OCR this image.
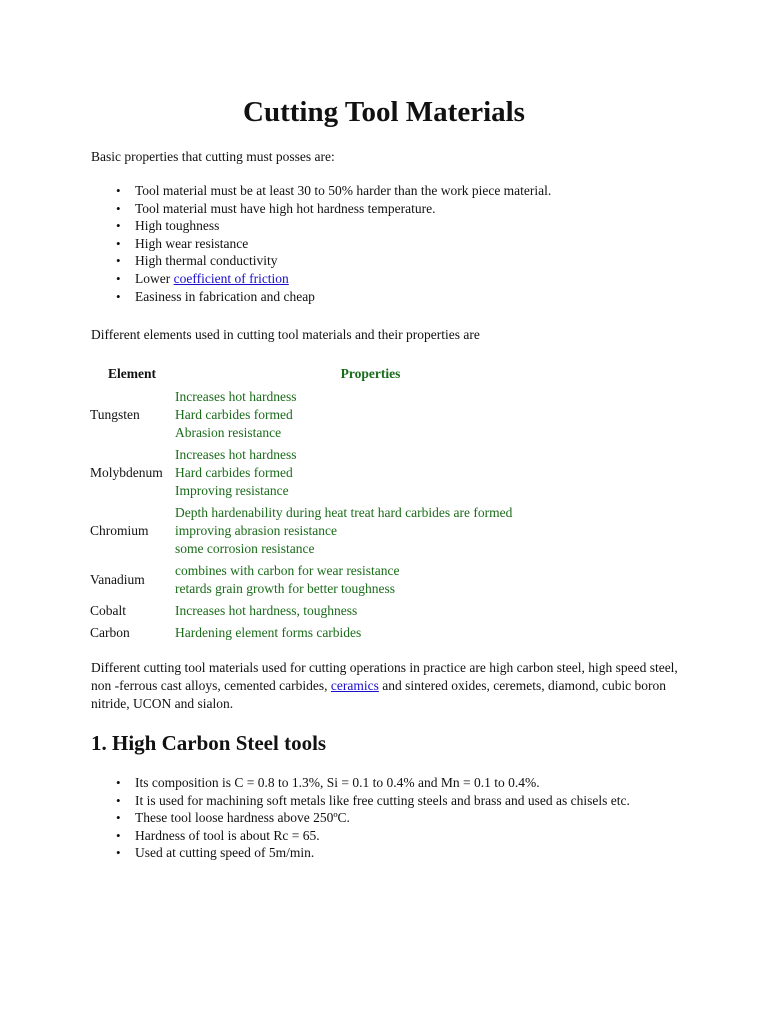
Cutting Tool Materials

Basic properties that cutting must posses are:

• Tool material must be at least 30 to 50% harder than the work piece material.
• Tool material must have high hot hardness temperature.
• High toughness
• High wear resistance
• High thermal conductivity
• Lower coefficient of friction
• Easiness in fabrication and cheap

Different elements used in cutting tool materials and their properties are

Element	Properties
Tungsten	Increases hot hardness
Hard carbides formed
Abrasion resistance

Molybdenum	Increases hot hardness
Hard carbides formed
Improving resistance

Chromium	Depth hardenability during heat treat hard carbides are formed
improving abrasion resistance
some corrosion resistance

Vanadium	combines with carbon for wear resistance
retards grain growth for better toughness

Cobalt	Increases hot hardness, toughness

Carbon	Hardening element forms carbides

Different cutting tool materials used for cutting operations in practice are high carbon steel, high speed steel, non -ferrous cast alloys, cemented carbides, ceramics and sintered oxides, ceremets, diamond, cubic boron nitride, UCON and sialon.

1. High Carbon Steel tools
• Its composition is C = 0.8 to 1.3%, Si = 0.1 to 0.4% and Mn = 0.1 to 0.4%.
• It is used for machining soft metals like free cutting steels and brass and used as chisels etc.
• These tool loose hardness above 250ºC.
• Hardness of tool is about Rc = 65.
• Used at cutting speed of 5m/min.
